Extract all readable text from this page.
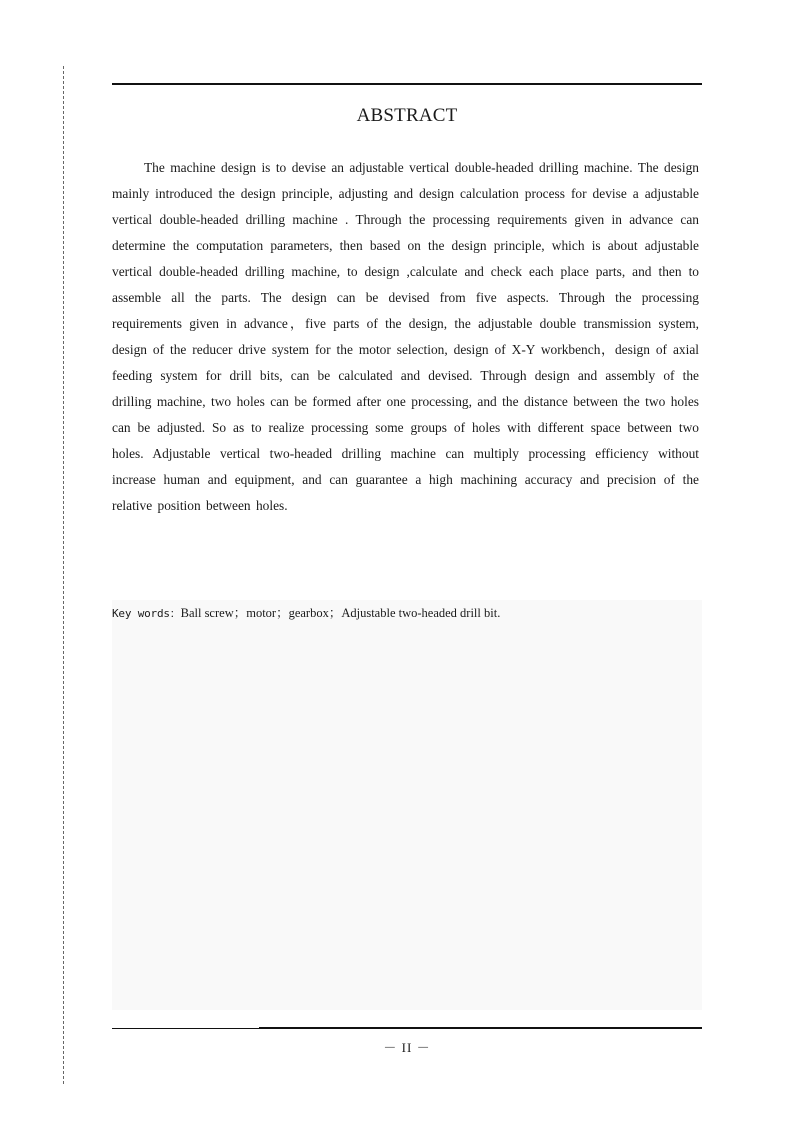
ABSTRACT

The machine design is to devise an adjustable vertical double-headed drilling machine. The design mainly introduced the design principle, adjusting and design calculation process for devise a adjustable vertical double-headed drilling machine . Through the processing requirements given in advance can determine the computation parameters, then based on the design principle, which is about adjustable vertical double-headed drilling machine, to design ,calculate and check each place parts, and then to assemble all the parts. The design can be devised from five aspects. Through the processing requirements given in advance，five parts of the design, the adjustable double transmission system, design of the reducer drive system for the motor selection, design of X-Y workbench，design of axial feeding system for drill bits, can be calculated and devised. Through design and assembly of the drilling machine, two holes can be formed after one processing, and the distance between the two holes can be adjusted. So as to realize processing some groups of holes with different space between two holes. Adjustable vertical two-headed drilling machine can multiply processing efficiency without increase human and equipment, and can guarantee a high machining accuracy and precision of the relative position between holes.

Key words：Ball screw；motor；gearbox；Adjustable two-headed drill bit.

－ II －
